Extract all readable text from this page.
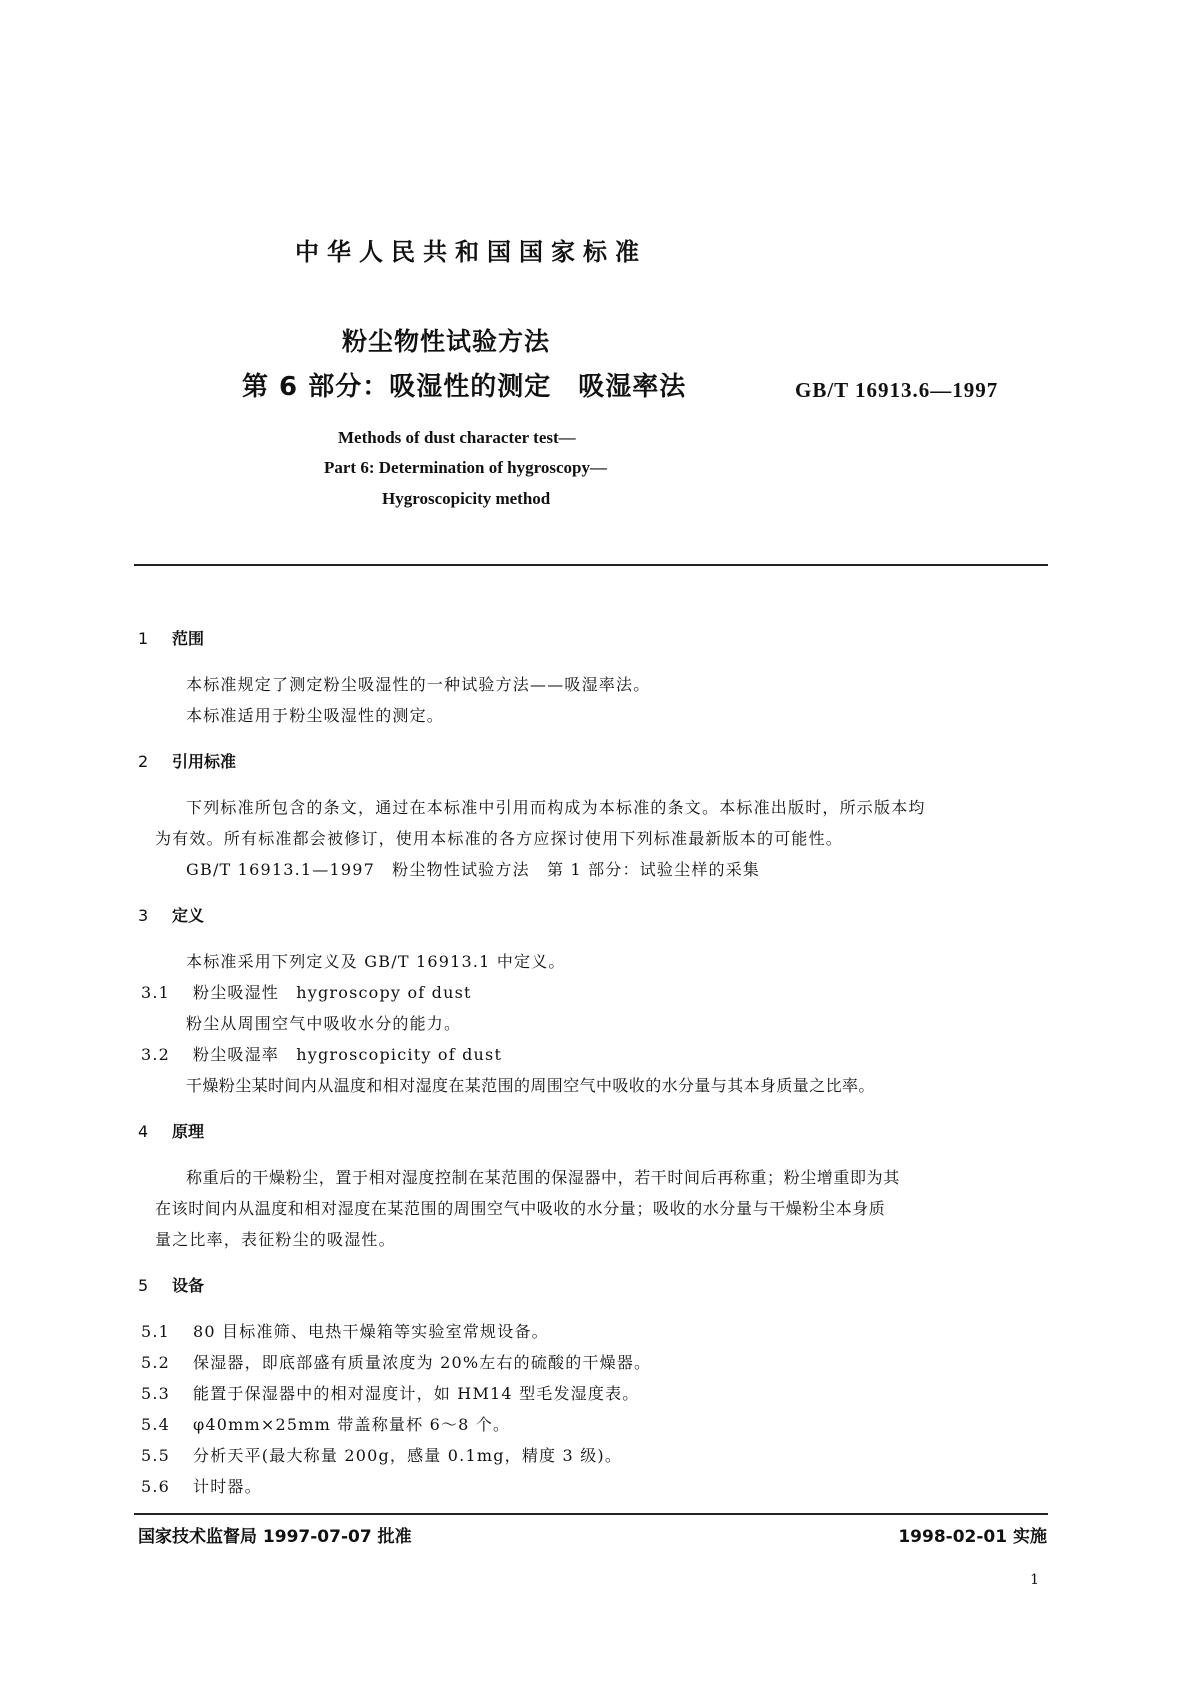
中华人民共和国国家标准
粉尘物性试验方法
第 6 部分：吸湿性的测定　吸湿率法	GB/T 16913.6—1997
Methods of dust character test—
Part 6: Determination of hygroscopy—
Hygroscopicity method
1 范围
本标准规定了测定粉尘吸湿性的一种试验方法——吸湿率法。
本标准适用于粉尘吸湿性的测定。
2 引用标准
下列标准所包含的条文，通过在本标准中引用而构成为本标准的条文。本标准出版时，所示版本均
为有效。所有标准都会被修订，使用本标准的各方应探讨使用下列标准最新版本的可能性。
GB/T 16913.1—1997　粉尘物性试验方法　第 1 部分：试验尘样的采集
3 定义
本标准采用下列定义及 GB/T 16913.1 中定义。
3.1 粉尘吸湿性　hygroscopy of dust
粉尘从周围空气中吸收水分的能力。
3.2 粉尘吸湿率　hygroscopicity of dust
干燥粉尘某时间内从温度和相对湿度在某范围的周围空气中吸收的水分量与其本身质量之比率。
4 原理
称重后的干燥粉尘，置于相对湿度控制在某范围的保湿器中，若干时间后再称重；粉尘增重即为其
在该时间内从温度和相对湿度在某范围的周围空气中吸收的水分量；吸收的水分量与干燥粉尘本身质
量之比率，表征粉尘的吸湿性。
5 设备
5.1 80 目标准筛、电热干燥箱等实验室常规设备。
5.2 保湿器，即底部盛有质量浓度为 20%左右的硫酸的干燥器。
5.3 能置于保湿器中的相对湿度计，如 HM14 型毛发湿度表。
5.4 φ40mm×25mm 带盖称量杯 6～8 个。
5.5 分析天平(最大称量 200g，感量 0.1mg，精度 3 级)。
5.6 计时器。
国家技术监督局 1997-07-07 批准	1998-02-01 实施
1
